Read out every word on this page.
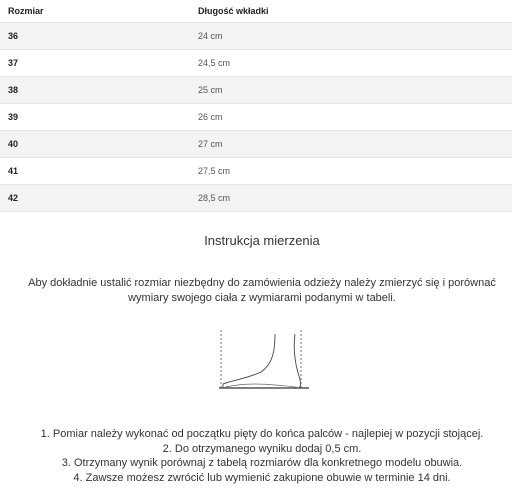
Rozmiar	Długość wkładki
36	24 cm
37	24,5 cm
38	25 cm
39	26 cm
40	27 cm
41	27,5 cm
42	28,5 cm
Instrukcja mierzenia
Aby dokładnie ustalić rozmiar niezbędny do zamówienia odzieży należy zmierzyć się i porównać wymiary swojego ciała z wymiarami podanymi w tabeli.
1. Pomiar należy wykonać od początku pięty do końca palców - najlepiej w pozycji stojącej.
2. Do otrzymanego wyniku dodaj 0,5 cm.
3. Otrzymany wynik porównaj z tabelą rozmiarów dla konkretnego modelu obuwia.
4. Zawsze możesz zwrócić lub wymienić zakupione obuwie w terminie 14 dni.
